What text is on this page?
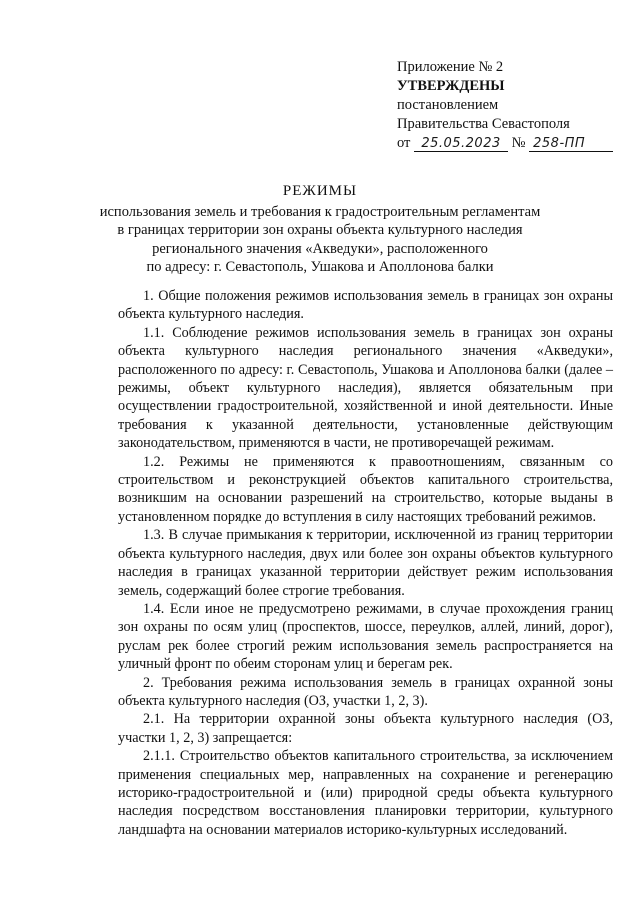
Приложение № 2
УТВЕРЖДЕНЫ
постановлением
Правительства Севастополя
от 25.05.2023 № 258-ПП
РЕЖИМЫ
использования земель и требования к градостроительным регламентам
в границах территории зон охраны объекта культурного наследия
регионального значения «Акведуки», расположенного
по адресу: г. Севастополь, Ушакова и Аполлонова балки

1. Общие положения режимов использования земель в границах зон охраны объекта культурного наследия.

1.1. Соблюдение режимов использования земель в границах зон охраны объекта культурного наследия регионального значения «Акведуки», расположенного по адресу: г. Севастополь, Ушакова и Аполлонова балки (далее – режимы, объект культурного наследия), является обязательным при осуществлении градостроительной, хозяйственной и иной деятельности. Иные требования к указанной деятельности, установленные действующим законодательством, применяются в части, не противоречащей режимам.

1.2. Режимы не применяются к правоотношениям, связанным со строительством и реконструкцией объектов капитального строительства, возникшим на основании разрешений на строительство, которые выданы в установленном порядке до вступления в силу настоящих требований режимов.

1.3. В случае примыкания к территории, исключенной из границ территории объекта культурного наследия, двух или более зон охраны объектов культурного наследия в границах указанной территории действует режим использования земель, содержащий более строгие требования.

1.4. Если иное не предусмотрено режимами, в случае прохождения границ зон охраны по осям улиц (проспектов, шоссе, переулков, аллей, линий, дорог), руслам рек более строгий режим использования земель распространяется на уличный фронт по обеим сторонам улиц и берегам рек.

2. Требования режима использования земель в границах охранной зоны объекта культурного наследия (ОЗ, участки 1, 2, 3).

2.1. На территории охранной зоны объекта культурного наследия (ОЗ, участки 1, 2, 3) запрещается:

2.1.1. Строительство объектов капитального строительства, за исключением применения специальных мер, направленных на сохранение и регенерацию историко-градостроительной и (или) природной среды объекта культурного наследия посредством восстановления планировки территории, культурного ландшафта на основании материалов историко-культурных исследований.
